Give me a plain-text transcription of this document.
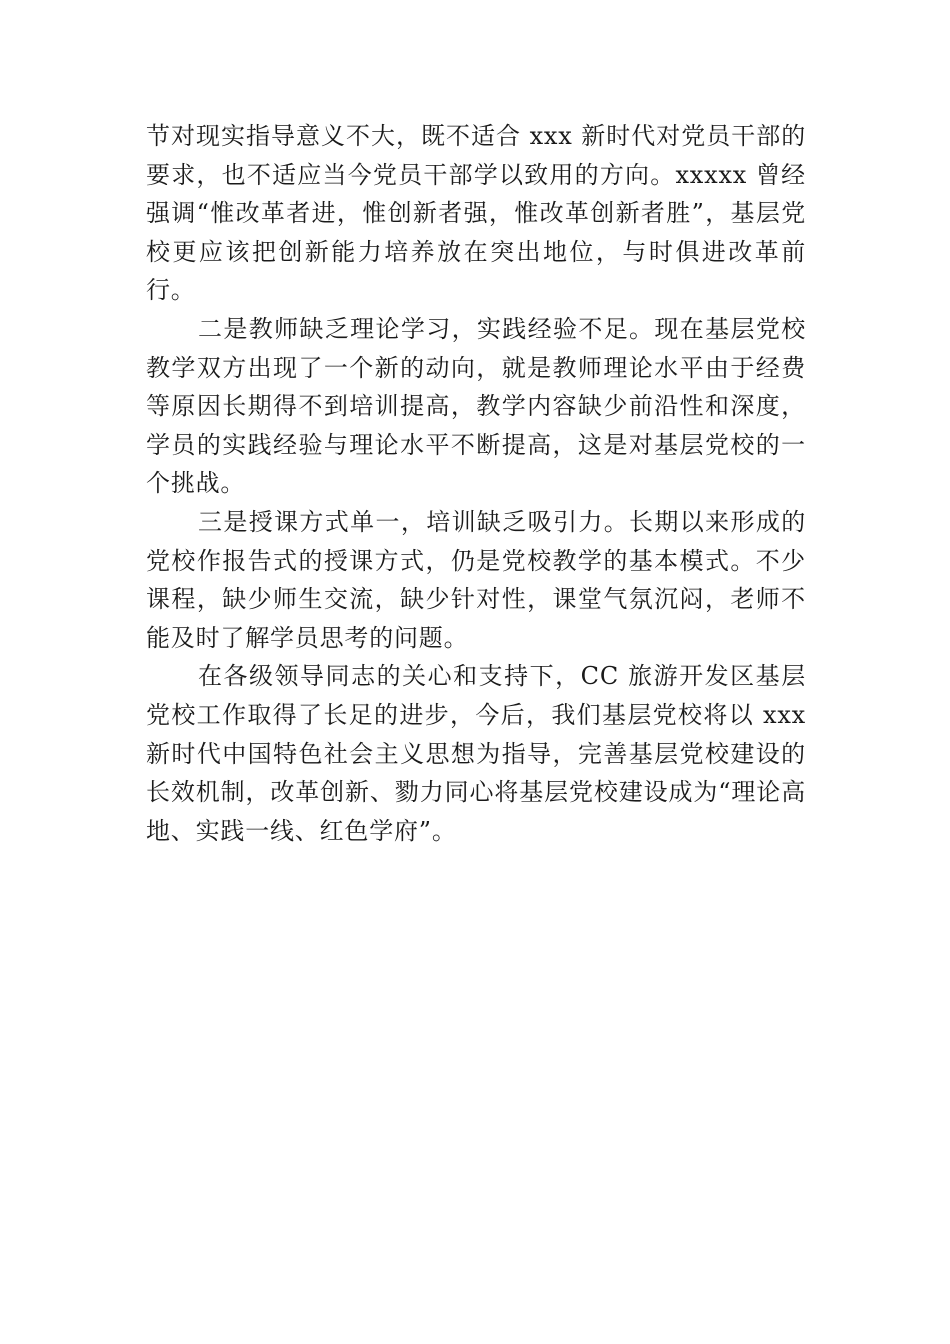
节对现实指导意义不大，既不适合 xxx 新时代对党员干部的要求，也不适应当今党员干部学以致用的方向。xxxxx 曾经强调“惟改革者进，惟创新者强，惟改革创新者胜”，基层党校更应该把创新能力培养放在突出地位，与时俱进改革前行。

二是教师缺乏理论学习，实践经验不足。现在基层党校教学双方出现了一个新的动向，就是教师理论水平由于经费等原因长期得不到培训提高，教学内容缺少前沿性和深度，学员的实践经验与理论水平不断提高，这是对基层党校的一个挑战。

三是授课方式单一，培训缺乏吸引力。长期以来形成的党校作报告式的授课方式，仍是党校教学的基本模式。不少课程，缺少师生交流，缺少针对性，课堂气氛沉闷，老师不能及时了解学员思考的问题。

在各级领导同志的关心和支持下，CC 旅游开发区基层党校工作取得了长足的进步，今后，我们基层党校将以 xxx 新时代中国特色社会主义思想为指导，完善基层党校建设的长效机制，改革创新、勠力同心将基层党校建设成为“理论高地、实践一线、红色学府”。
